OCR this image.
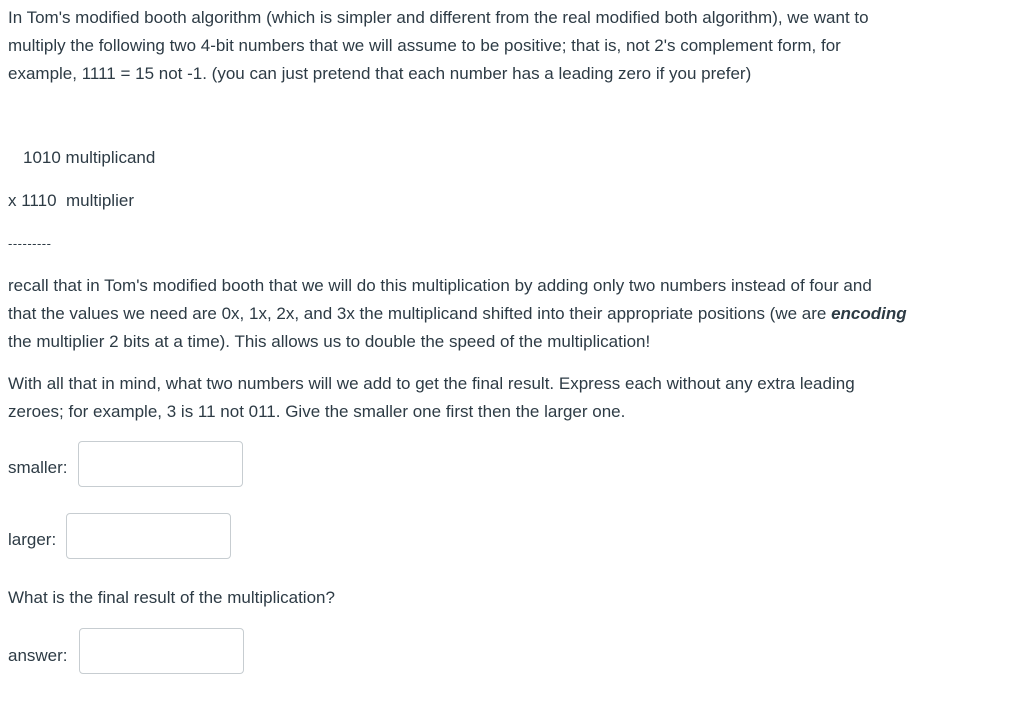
In Tom's modified booth algorithm (which is simpler and different from the real modified both algorithm), we want to
multiply the following two 4-bit numbers that we will assume to be positive; that is, not 2's complement form, for
example, 1111 = 15 not -1. (you can just pretend that each number has a leading zero if you prefer)
1010 multiplicand
x 1110  multiplier
---------
recall that in Tom's modified booth that we will do this multiplication by adding only two numbers instead of four and
that the values we need are 0x, 1x, 2x, and 3x the multiplicand shifted into their appropriate positions (we are encoding
the multiplier 2 bits at a time). This allows us to double the speed of the multiplication!
With all that in mind, what two numbers will we add to get the final result. Express each without any extra leading
zeroes; for example, 3 is 11 not 011. Give the smaller one first then the larger one.
smaller:
larger:
What is the final result of the multiplication?
answer:
